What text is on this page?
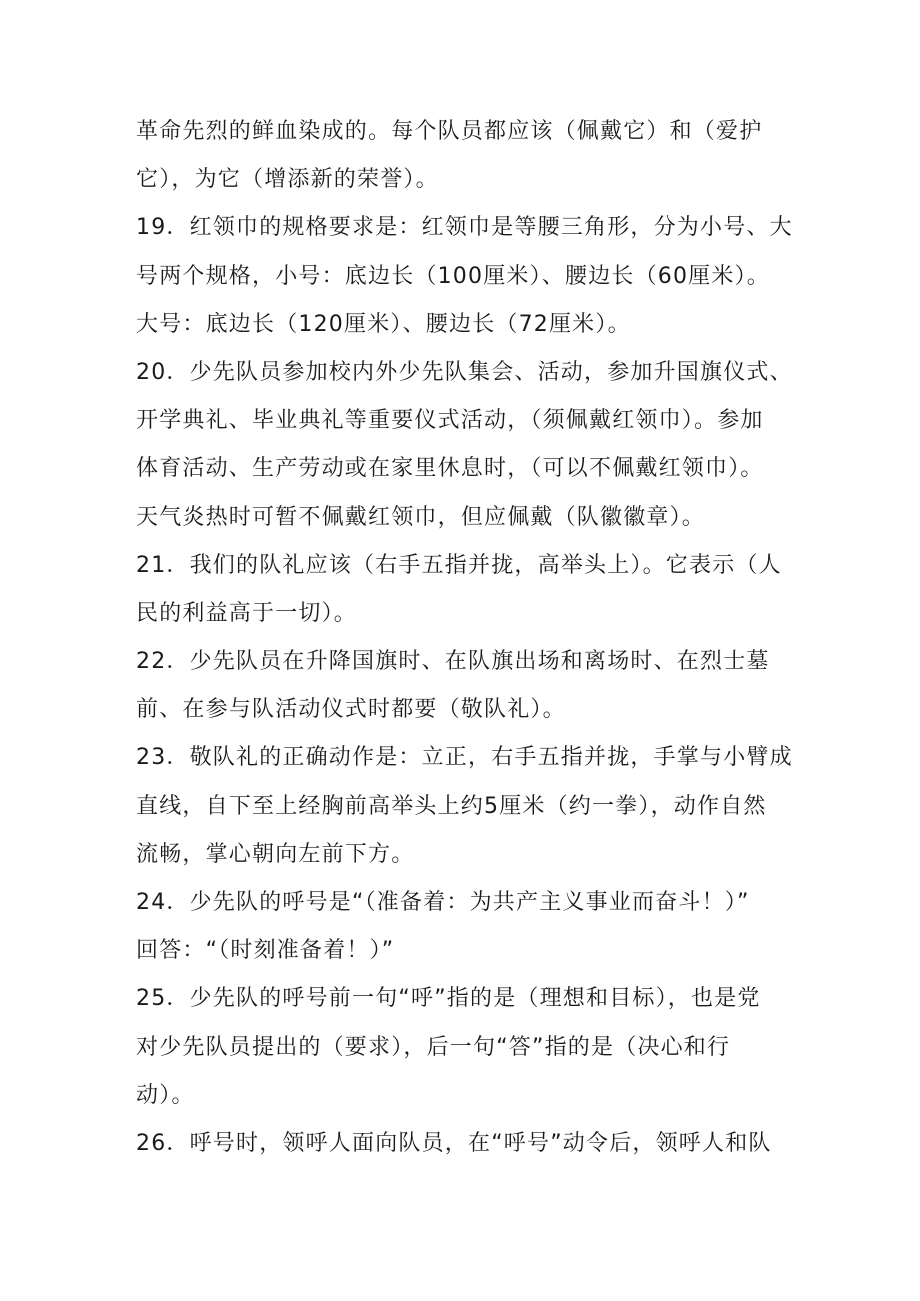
革命先烈的鲜血染成的。每个队员都应该（佩戴它）和（爱护
它），为它（增添新的荣誉）。
19．红领巾的规格要求是：红领巾是等腰三角形，分为小号、大
号两个规格，小号：底边长（100厘米）、腰边长（60厘米）。
大号：底边长（120厘米）、腰边长（72厘米）。
20．少先队员参加校内外少先队集会、活动，参加升国旗仪式、
开学典礼、毕业典礼等重要仪式活动，（须佩戴红领巾）。参加
体育活动、生产劳动或在家里休息时，（可以不佩戴红领巾）。
天气炎热时可暂不佩戴红领巾，但应佩戴（队徽徽章）。
21．我们的队礼应该（右手五指并拢，高举头上）。它表示（人
民的利益高于一切）。
22．少先队员在升降国旗时、在队旗出场和离场时、在烈士墓
前、在参与队活动仪式时都要（敬队礼）。
23．敬队礼的正确动作是：立正，右手五指并拢，手掌与小臂成
直线，自下至上经胸前高举头上约5厘米（约一拳），动作自然
流畅，掌心朝向左前下方。
24．少先队的呼号是“（准备着：为共产主义事业而奋斗！）”
回答：“（时刻准备着！）”
25．少先队的呼号前一句“呼”指的是（理想和目标），也是党
对少先队员提出的（要求），后一句“答”指的是（决心和行
动）。
26．呼号时，领呼人面向队员，在“呼号”动令后，领呼人和队
